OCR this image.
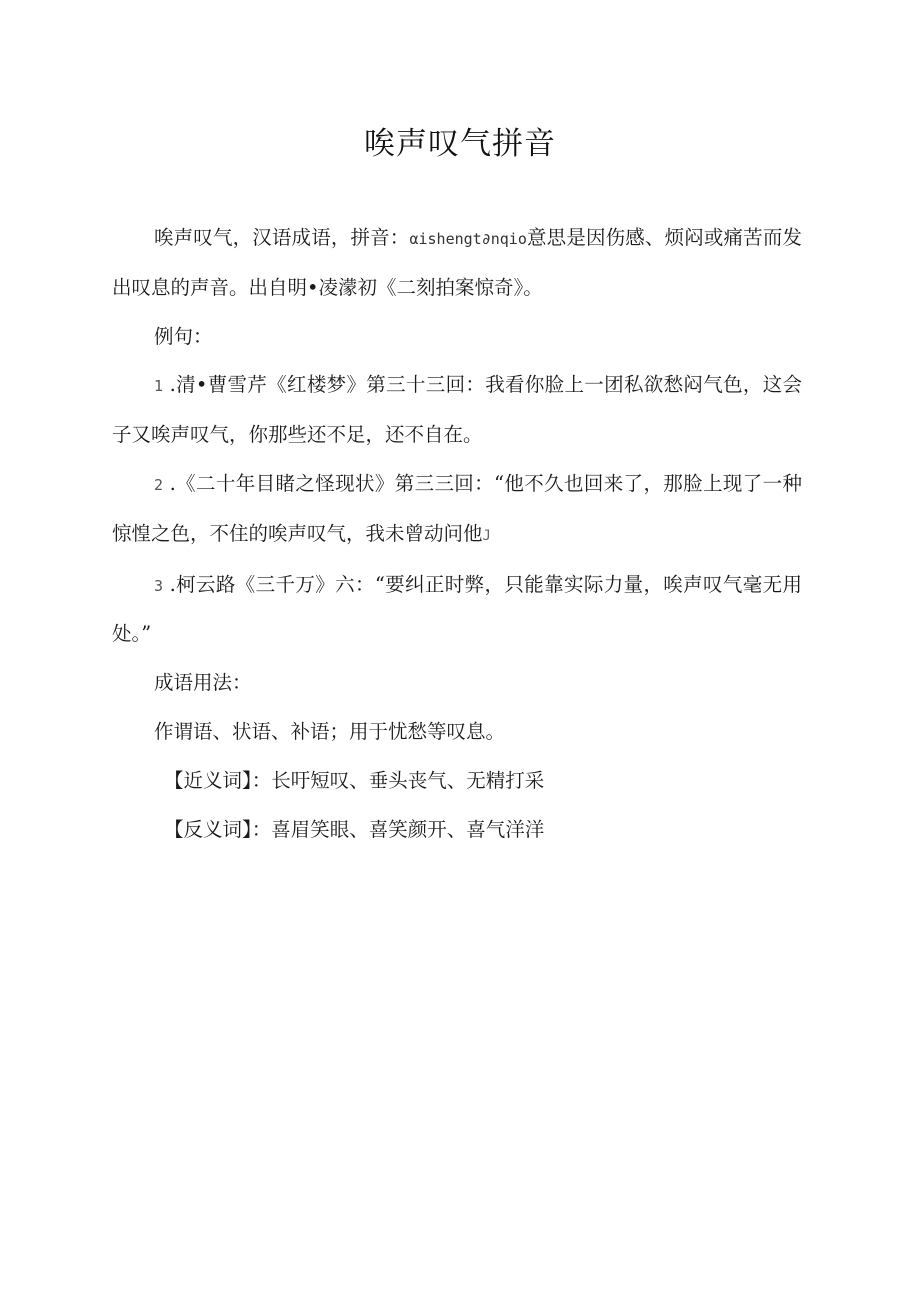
唉声叹气拼音

唉声叹气，汉语成语，拼音：αishengt∂nqio意思是因伤感、烦闷或痛苦而发出叹息的声音。出自明•凌濛初《二刻拍案惊奇》。

例句：

1 .清•曹雪芹《红楼梦》第三十三回：我看你脸上一团私欲愁闷气色，这会子又唉声叹气，你那些还不足，还不自在。

2 .《二十年目睹之怪现状》第三三回：“他不久也回来了，那脸上现了一种惊惶之色，不住的唉声叹气，我未曾动问他J

3 .柯云路《三千万》六：“要纠正时弊，只能靠实际力量，唉声叹气毫无用处。”

成语用法：

作谓语、状语、补语；用于忧愁等叹息。

【近义词】：长吁短叹、垂头丧气、无精打采

【反义词】：喜眉笑眼、喜笑颜开、喜气洋洋
